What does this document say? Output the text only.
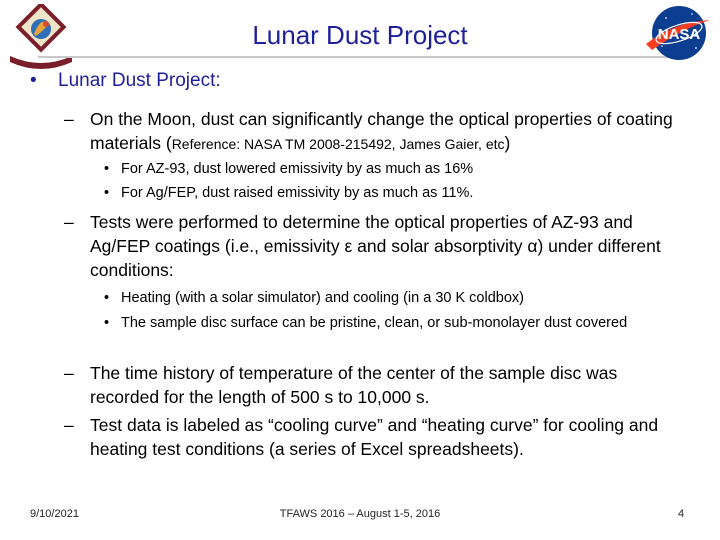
Lunar Dust Project	NASA
• Lunar Dust Project:
– On the Moon, dust can significantly change the optical properties of coating materials (Reference: NASA TM 2008-215492, James Gaier, etc)
• For AZ-93, dust lowered emissivity by as much as 16%
• For Ag/FEP, dust raised emissivity by as much as 11%.
– Tests were performed to determine the optical properties of AZ-93 and Ag/FEP coatings (i.e., emissivity ε and solar absorptivity α) under different conditions:
• Heating (with a solar simulator) and cooling (in a 30 K coldbox)
• The sample disc surface can be pristine, clean, or sub-monolayer dust covered
– The time history of temperature of the center of the sample disc was recorded for the length of 500 s to 10,000 s.
– Test data is labeled as “cooling curve” and “heating curve” for cooling and heating test conditions (a series of Excel spreadsheets).
9/10/2021	TFAWS 2016 – August 1-5, 2016	4
